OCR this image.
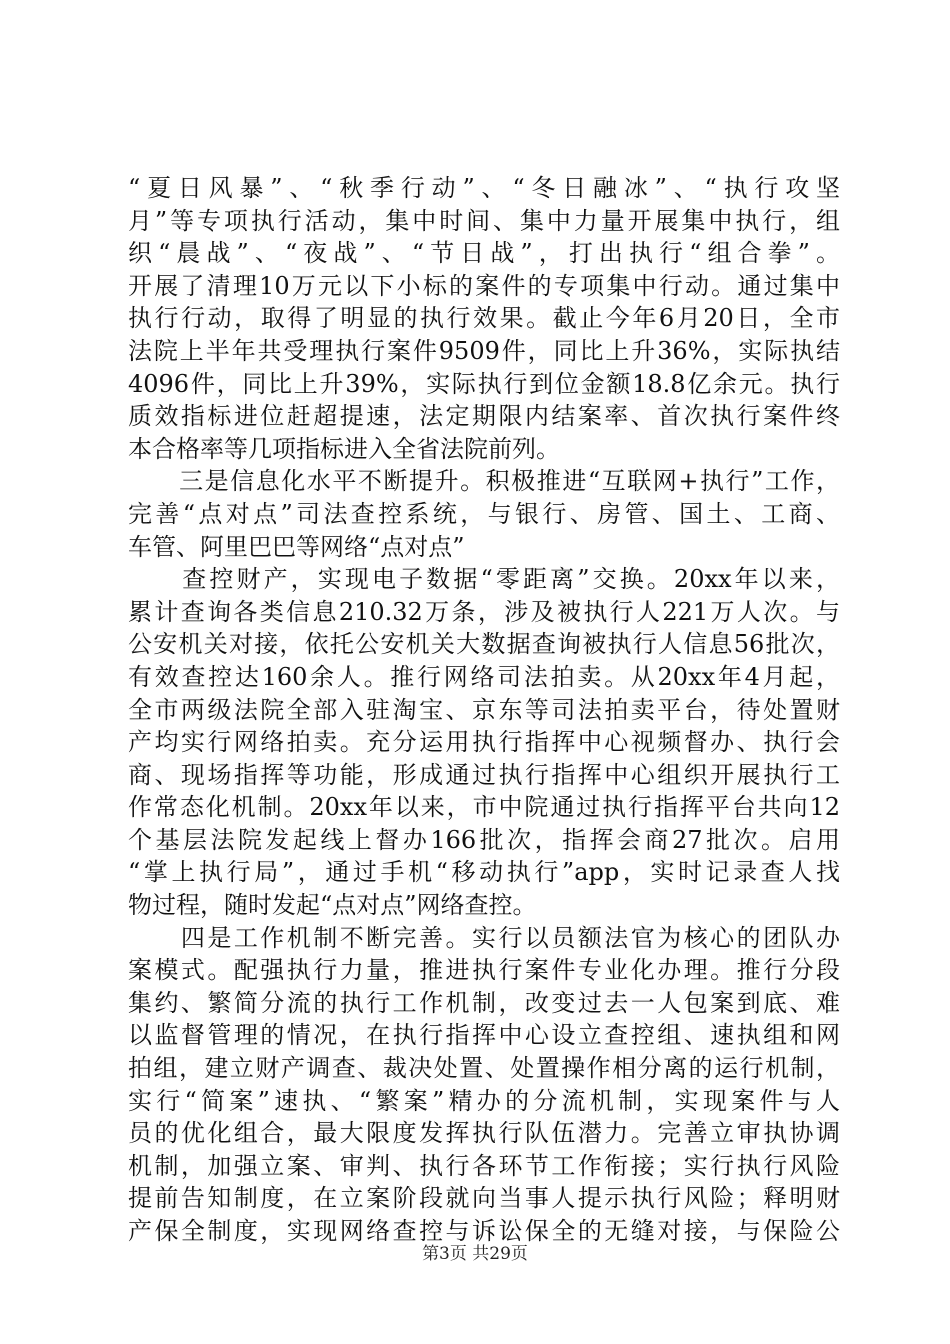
“夏日风暴”、“秋季行动”、“冬日融冰”、“执行攻坚
月”等专项执行活动，集中时间、集中力量开展集中执行，组
织“晨战”、“夜战”、“节日战”，打出执行“组合拳”。
开展了清理10万元以下小标的案件的专项集中行动。通过集中
执行行动，取得了明显的执行效果。截止今年6月20日，全市
法院上半年共受理执行案件9509件，同比上升36%，实际执结
4096件，同比上升39%，实际执行到位金额18.8亿余元。执行
质效指标进位赶超提速，法定期限内结案率、首次执行案件终
本合格率等几项指标进入全省法院前列。
　　三是信息化水平不断提升。积极推进“互联网+执行”工作，
完善“点对点”司法查控系统，与银行、房管、国土、工商、
车管、阿里巴巴等网络“点对点”
　　查控财产，实现电子数据“零距离”交换。20xx年以来，
累计查询各类信息210.32万条，涉及被执行人221万人次。与
公安机关对接，依托公安机关大数据查询被执行人信息56批次，
有效查控达160余人。推行网络司法拍卖。从20xx年4月起，
全市两级法院全部入驻淘宝、京东等司法拍卖平台，待处置财
产均实行网络拍卖。充分运用执行指挥中心视频督办、执行会
商、现场指挥等功能，形成通过执行指挥中心组织开展执行工
作常态化机制。20xx年以来，市中院通过执行指挥平台共向12
个基层法院发起线上督办166批次，指挥会商27批次。启用
“掌上执行局”，通过手机“移动执行”app，实时记录查人找
物过程，随时发起“点对点”网络查控。
　　四是工作机制不断完善。实行以员额法官为核心的团队办
案模式。配强执行力量，推进执行案件专业化办理。推行分段
集约、繁简分流的执行工作机制，改变过去一人包案到底、难
以监督管理的情况，在执行指挥中心设立查控组、速执组和网
拍组，建立财产调查、裁决处置、处置操作相分离的运行机制，
实行“简案”速执、“繁案”精办的分流机制，实现案件与人
员的优化组合，最大限度发挥执行队伍潜力。完善立审执协调
机制，加强立案、审判、执行各环节工作衔接；实行执行风险
提前告知制度，在立案阶段就向当事人提示执行风险；释明财
产保全制度，实现网络查控与诉讼保全的无缝对接，与保险公
第3页 共29页
